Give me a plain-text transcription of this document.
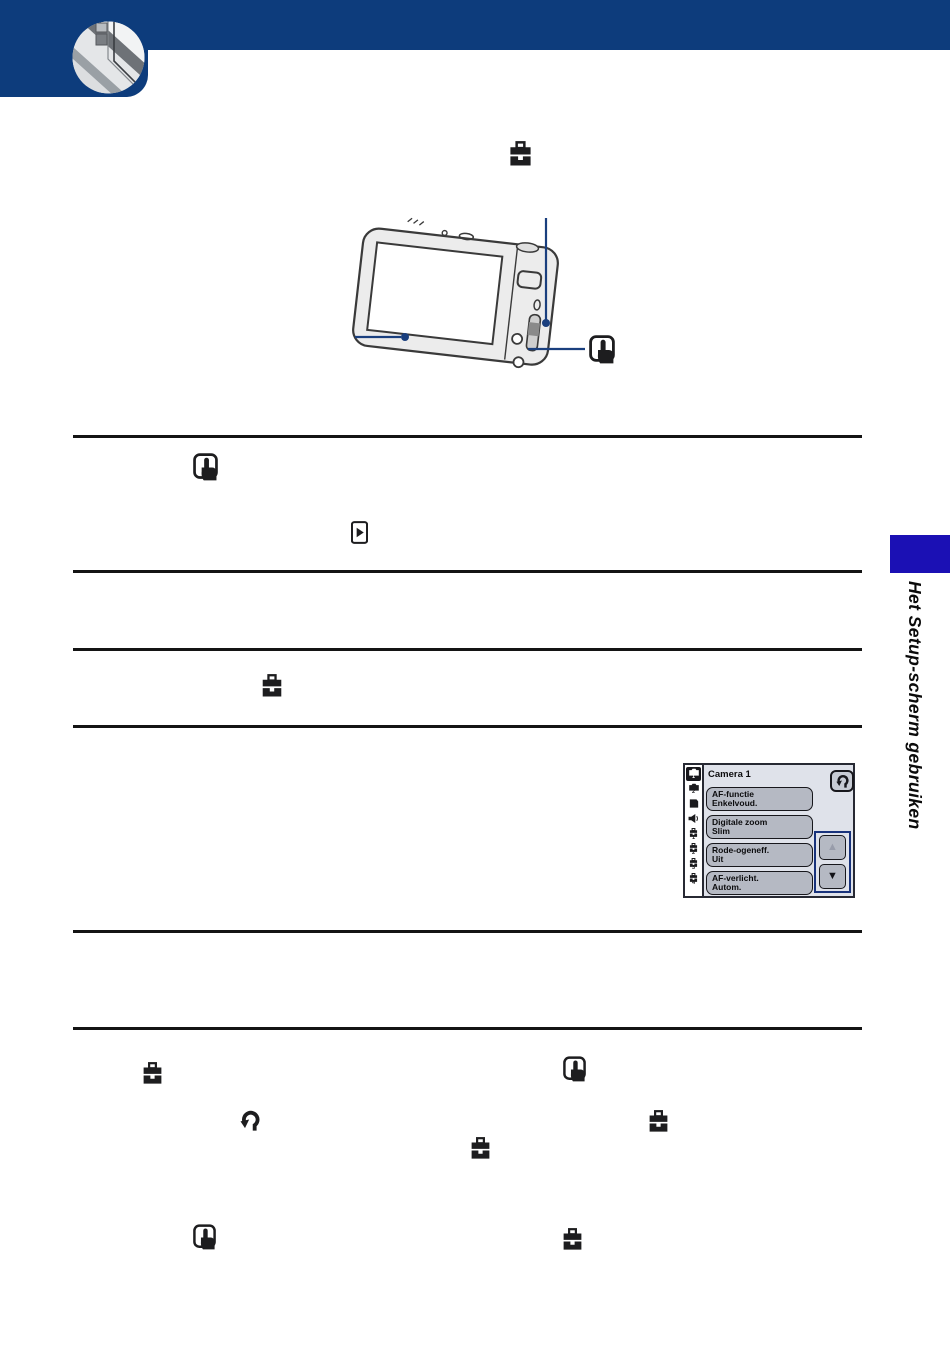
Het Setup-scherm gebruiken
1
2
1
2
3
4
Camera 1
AF-functie
Enkelvoud.
Digitale zoom
Slim
Rode-ogeneff.
Uit
AF-verlicht.
Autom.
▲
▼
